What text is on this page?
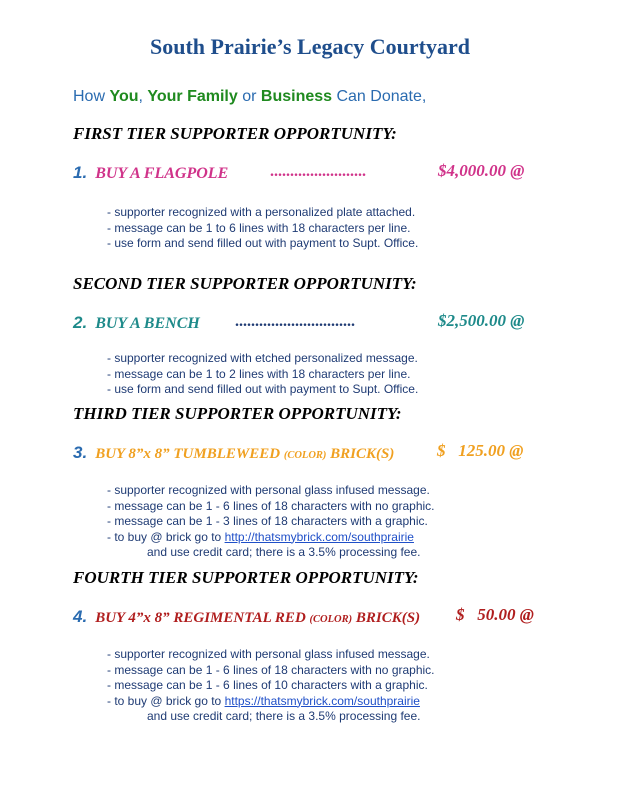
South Prairie’s Legacy Courtyard
How You, Your Family or Business Can Donate,
FIRST TIER SUPPORTER OPPORTUNITY:
1. BUY A FLAGPOLE	........................	$4,000.00 @
- supporter recognized with a personalized plate attached.
- message can be 1 to 6 lines with 18 characters per line.
- use form and send filled out with payment to Supt. Office.
SECOND TIER SUPPORTER OPPORTUNITY:
2. BUY A BENCH ..............................	$2,500.00 @
- supporter recognized with etched personalized message.
- message can be 1 to 2 lines with 18 characters per line.
- use form and send filled out with payment to Supt. Office.
THIRD TIER SUPPORTER OPPORTUNITY:
3. BUY 8”x 8” TUMBLEWEED (COLOR) BRICK(S)	$   125.00 @
- supporter recognized with personal glass infused message.
- message can be 1 - 6 lines of 18 characters with no graphic.
- message can be 1 - 3 lines of 18 characters with a graphic.
- to buy @ brick go to http://thatsmybrick.com/southprairie
and use credit card; there is a 3.5% processing fee.
FOURTH TIER SUPPORTER OPPORTUNITY:
4. BUY 4”x 8” REGIMENTAL RED (COLOR) BRICK(S) $   50.00 @
- supporter recognized with personal glass infused message.
- message can be 1 - 6 lines of 18 characters with no graphic.
- message can be 1 - 6 lines of 10 characters with a graphic.
- to buy @ brick go to https://thatsmybrick.com/southprairie
and use credit card; there is a 3.5% processing fee.
